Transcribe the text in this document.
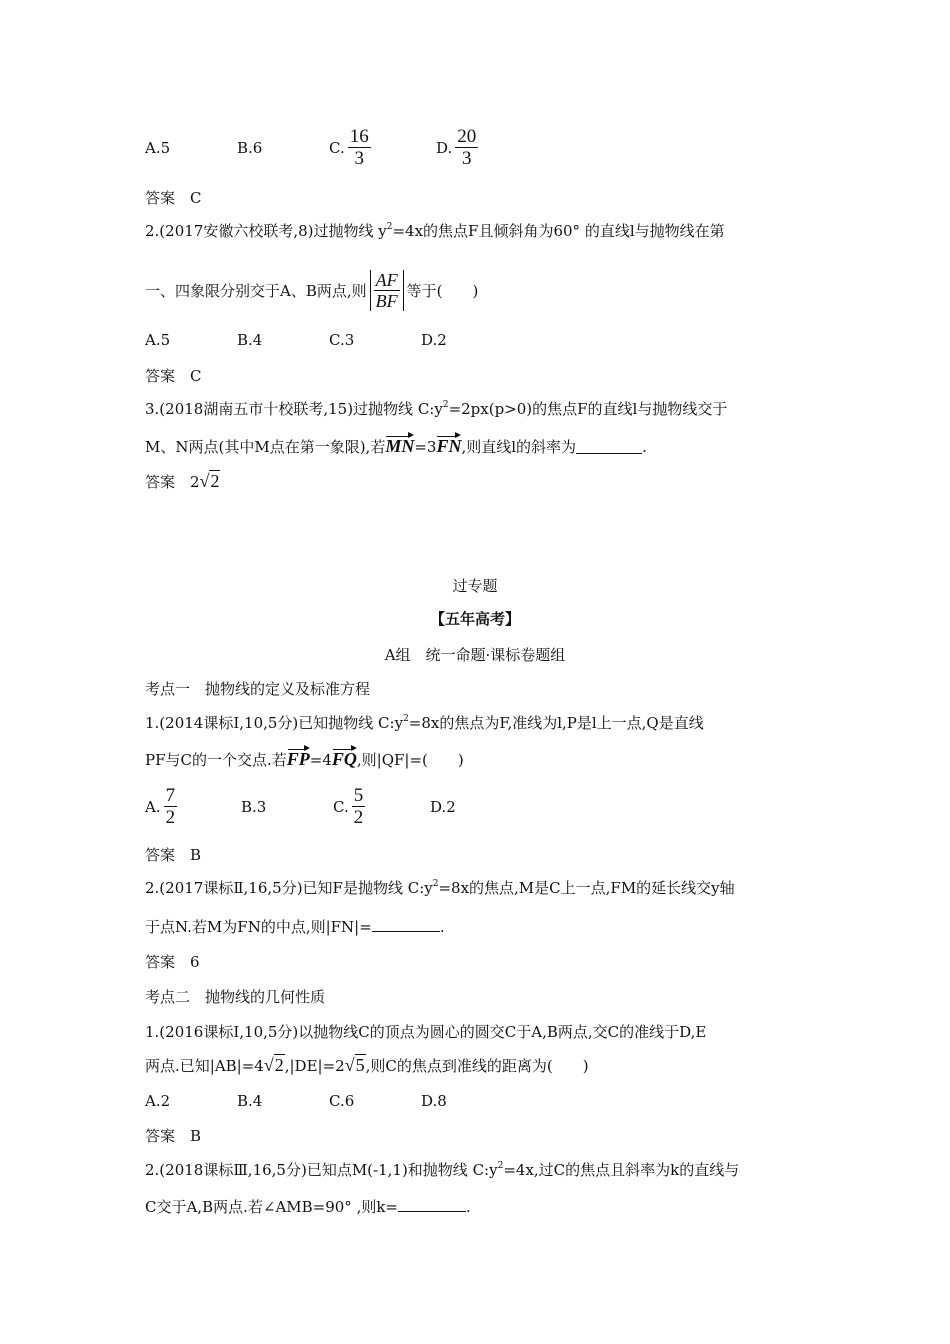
A.5	B.6	C. $\frac{16}{3}$	D. $\frac{20}{3}$
答案　C
2.(2017安徽六校联考,8)过抛物线 $y^2=4x$的焦点F且倾斜角为60° 的直线l与抛物线在第
一、四象限分别交于A、B两点,则 $\frac{AF}{BF}$ 等于(　　)
A.5	B.4	C.3	D.2
答案　C
3.(2018湖南五市十校联考,15)过抛物线 $C:y^2=2px(p>0)$的焦点F的直线l与抛物线交于
M、N两点(其中M点在第一象限),若 MN =3 FN ,则直线l的斜率为	.
答案　2 √2
过专题
【五年高考】
A组　统一命题·课标卷题组
考点一　抛物线的定义及标准方程
1.(2014课标Ⅰ,10,5分)已知抛物线 $C:y^2=8x$的焦点为F,准线为l,P是l上一点,Q是直线
PF与C的一个交点.若 FP =4 FQ ,则|QF|=(　　)
A. $\frac{7}{2}$	B.3	C. $\frac{5}{2}$	D.2
答案　B
2.(2017课标Ⅱ,16,5分)已知F是抛物线 $C:y^2=8x$的焦点,M是C上一点,FM的延长线交y轴
于点N.若M为FN的中点,则|FN|=	.
答案　6
考点二　抛物线的几何性质
1.(2016课标Ⅰ,10,5分)以抛物线C的顶点为圆心的圆交C于A,B两点,交C的准线于D,E
两点.已知|AB|=4 √2 ,|DE|=2 √5 ,则C的焦点到准线的距离为(　　)
A.2	B.4	C.6	D.8
答案　B
2.(2018课标Ⅲ,16,5分)已知点M(-1,1)和抛物线 $C:y^2=4x$,过C的焦点且斜率为k的直线与
C交于A,B两点.若∠AMB=90° ,则k=	.
